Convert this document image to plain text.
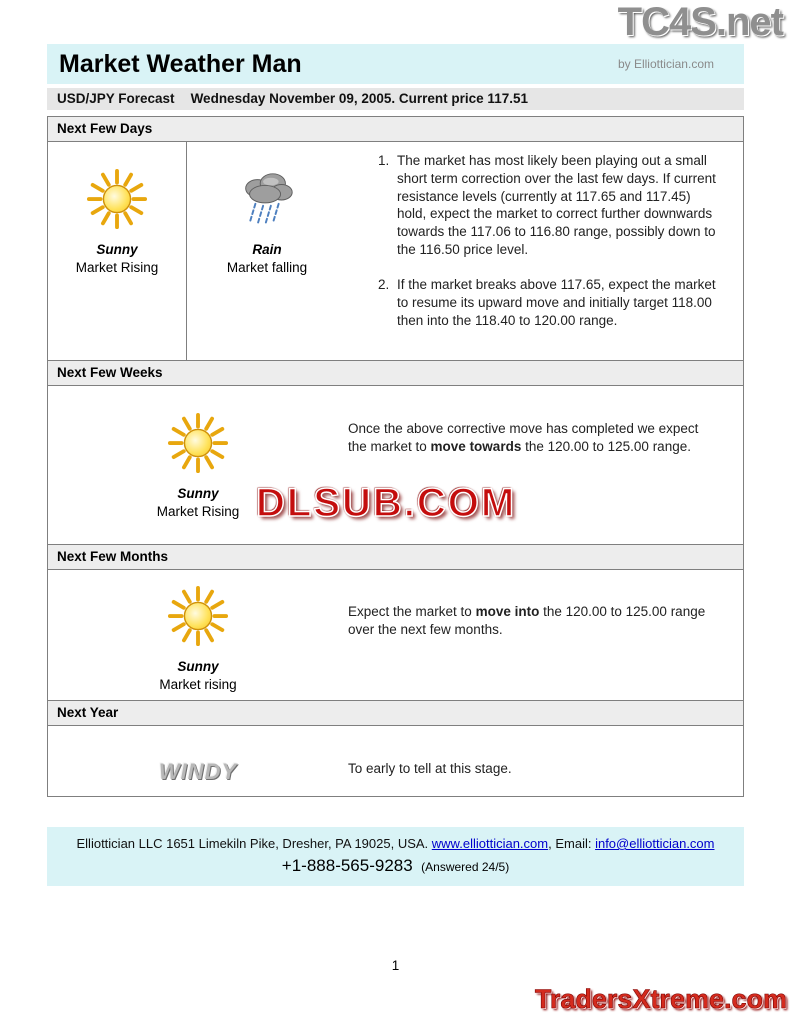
TC4S.net
Market Weather Man	by Elliottician.com
USD/JPY Forecast Wednesday November 09, 2005. Current price 117.51
Next Few Days
Sunny
Market Rising
Rain
Market falling
1. The market has most likely been playing out a small short term correction over the last few days. If current resistance levels (currently at 117.65 and 117.45) hold, expect the market to correct further downwards towards the 117.06 to 116.80 range, possibly down to the 116.50 price level.
2. If the market breaks above 117.65, expect the market to resume its upward move and initially target 118.00 then into the 118.40 to 120.00 range.
Next Few Weeks
Sunny
Market Rising
Once the above corrective move has completed we expect the market to move towards the 120.00 to 125.00 range.
Next Few Months
Sunny
Market rising
Expect the market to move into the 120.00 to 125.00 range over the next few months.
Next Year
WINDY	To early to tell at this stage.
Elliottician LLC 1651 Limekiln Pike, Dresher, PA 19025, USA. www.elliottician.com, Email: info@elliottician.com
+1-888-565-9283 (Answered 24/5)
DLSUB.COM
1
TradersXtreme.com
